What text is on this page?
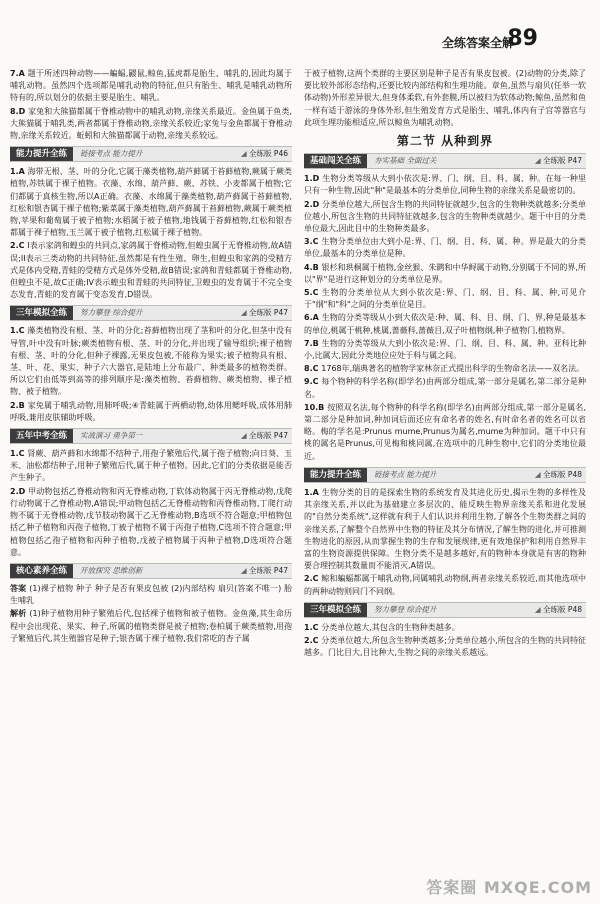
全练答案全解
89

7.A 题干所述四种动物——蝙蝠,鼹鼠,鲸鱼,猛虎都是胎生、哺乳的,因此均属于哺乳动物。虽然四个选项都是哺乳动物的特征,但只有胎生、哺乳是哺乳动物所特有的,所以划分的依据主要是胎生、哺乳。

8.D 家兔和大熊猫都属于脊椎动物中的哺乳动物,亲缘关系最近。金鱼属于鱼类,大熊猫属于哺乳类,两者都属于脊椎动物,亲缘关系较近;家兔与金鱼都属于脊椎动物,亲缘关系较近。蚯蚓和大熊猫都属于动物,亲缘关系较远。

能力提升全练	链接考点 能力提升	◢ 全练版 P46

1.A 海带无根、茎、叶的分化,它属于藻类植物,葫芦藓属于苔藓植物,蕨属于蕨类植物,苏铁属于裸子植物。衣藻、水绵、葫芦藓、蕨、苏铁、小麦都属于植物;它们都属于真核生物,所以A正确。衣藻、水绵属于藻类植物,葫芦藓属于苔藓植物,红松和银杏属于裸子植物;紫菜属于藻类植物,葫芦藓属于苔藓植物,蕨属于蕨类植物,苹果和葡萄属于被子植物;水稻属于被子植物,地钱属于苔藓植物,红松和银杏都属于裸子植物,玉兰属于被子植物,红松属于裸子植物。

2.C I表示家鸽和蝗虫的共同点,家鸽属于脊椎动物,但蝗虫属于无脊椎动物,故A错误;II表示三类动物的共同特征,虽然都是有性生殖、卵生,但蝗虫和家鸽的受精方式是体内受精,青蛙的受精方式是体外受精,故B错误;家鸽和青蛙都属于脊椎动物,但蝗虫不是,故C正确;IV表示蝗虫和青蛙的共同特征,卫蝗虫的发育属于不完全变态发育,青蛙的发育属于变态发育,D错误。

三年模拟全练	努力攀登 综合提升	◢ 全练版 P47

1.C 藻类植物没有根、茎、叶的分化;苔藓植物出现了茎和叶的分化,但茎中没有导管,叶中没有叶脉;蕨类植物有根、茎、叶的分化,并出现了输导组织;裸子植物有根、茎、叶的分化,但种子裸露,无果皮包被,不能称为果实;被子植物具有根、茎、叶、花、果实、种子六大器官,是陆地上分布最广、种类最多的植物类群。所以它们由低等到高等的排列顺序是:藻类植物、苔藓植物、蕨类植物、裸子植物、被子植物。

2.B 家兔属于哺乳动物,用肺呼吸;④青蛙属于两栖动物,幼体用鳃呼吸,成体用肺呼吸,兼用皮肤辅助呼吸。

五年中考全练	实战演习 勇争第一	◢ 全练版 P47

1.C 肾蕨、葫芦藓和水绵都不结种子,用孢子繁殖后代,属于孢子植物;向日葵、玉米、油松都结种子,用种子繁殖后代,属于种子植物。因此,它们的分类依据是能否产生种子。

2.D 甲动物包括乙脊椎动物和丙无脊椎动物,丁软体动物属于丙无脊椎动物,戊爬行动物属于乙脊椎动物,A错误;甲动物包括乙无脊椎动物和丙脊椎动物,丁爬行动物不属于无脊椎动物,戊节肢动物属于乙无脊椎动物,B选项不符合题意;甲植物包括乙种子植物和丙孢子植物,丁被子植物不属于丙孢子植物,C选项不符合题意;甲植物包括乙孢子植物和丙种子植物,戊被子植物属于丙种子植物,D选项符合题意。

核心素养全练	开放探究 思维创新	◢ 全练版 P47

答案 (1)裸子植物 种子 种子是否有果皮包被 (2)内部结构 扇贝(答案不唯一) 胎生哺乳

解析 (1)种子植物用种子繁殖后代,包括裸子植物和被子植物。金鱼藻,其生命历程中会出现花、果实、种子,所属的植物类群是被子植物;卷柏属于蕨类植物,用孢子繁殖后代,其生殖器官是种子;银杏属于裸子植物,我们常吃的杏子属

于被子植物,这两个类群的主要区别是种子是否有果皮包被。(2)动物的分类,除了要比较外部形态结构,还要比较内部结构和生理功能。章鱼,虽然与扇贝(任举一软体动物)外形差异很大,但身体柔软,有外套膜,所以被归为软体动物;鲸鱼,虽然和鱼一样有适于游泳的身体外形,但生殖发育方式是胎生、哺乳,体内有子宫等器官与此项生理功能相适应,所以鲸鱼为哺乳动物。

第二节 从种到界
基础闯关全练	夯实基础 全面过关	◢ 全练版 P47

1.D 生物分类等级从大到小依次是:界、门、纲、目、科、属、种。在每一种里只有一种生物,因此"种"是最基本的分类单位,同种生物的亲缘关系是最密切的。

2.D 分类单位越大,所包含生物的共同特征就越少,包含的生物种类就越多;分类单位越小,所包含生物的共同特征就越多,包含的生物种类就越少。题干中目的分类单位最大,因此目中的生物种类最多。

3.C 生物分类单位由大到小是:界、门、纲、目、科、属、种。界是最大的分类单位,最基本的分类单位是种。

4.B 银杉和珙桐属于植物,金丝猴、朱鹮和中华鲟属于动物,分别属于不同的界,所以"界"是进行这种划分的分类单位是界。

5.C 生物的分类单位从大到小依次是:界、门、纲、目、科、属、种,可见介于"纲"和"科"之间的分类单位是目。

6.A 生物的分类等级从小到大依次是:种、属、科、目、纲、门、界,种是最基本的单位,桃属于桃种,桃属,蔷薇科,蔷薇目,双子叶植物纲,种子植物门,植物界。

7.B 生物的分类等级从大到小依次是:界、门、纲、目、科、属、种。亚科比种小,比属大,因此分类地位应处于科与属之间。

8.C 1768年,瑞典著名的植物学家林奈正式提出科学的生物命名法——双名法。

9.C 每个物种的科学名称(即学名)由两部分组成,第一部分是属名,第二部分是种名。

10.B 按照双名法,每个物种的科学名称(即学名)由两部分组成,第一部分是属名,第二部分是种加词,种加词后面还应有命名者的姓名,有时命名者的姓名可以省略。梅的学名是:Prunus mume,Prunus为属名,mume为种加词。题干中只有桃的属名是Prunus,可见梅和桃同属,在选项中的几种生物中,它们的分类地位最近。

能力提升全练	链接考点 能力提升	◢ 全练版 P48

1.A 生物分类的目的是探索生物的系统发育及其进化历史,揭示生物的多样性及其亲缘关系,并以此为基础建立多层次的、能反映生物界亲缘关系和进化发展的"自然分类系统",这样就有利于人们认识并利用生物,了解各个生物类群之间的亲缘关系,了解整个自然界中生物的特征及其分布情况,了解生物的进化,并可推测生物进化的原因,从而掌握生物的生存和发展规律,更有效地保护和利用自然界丰富的生物资源提供保障。生物分类不是越多越好,有的物种本身就是有害的物种要合理控制其数量而不能消灭,A错误。

2.C 鲸和蝙蝠都属于哺乳动物,同属哺乳动物纲,两者亲缘关系较近,而其他选项中的两种动物则同门不同纲。

三年模拟全练	努力攀登 综合提升	◢ 全练版 P48

1.C 分类单位越大,其包含的生物种类越多。

2.C 分类单位越大,所包含生物种类越多;分类单位越小,所包含的生物的共同特征越多。门比目大,目比种大,生物之间的亲缘关系越远。

答案圈 MXQE.COM
